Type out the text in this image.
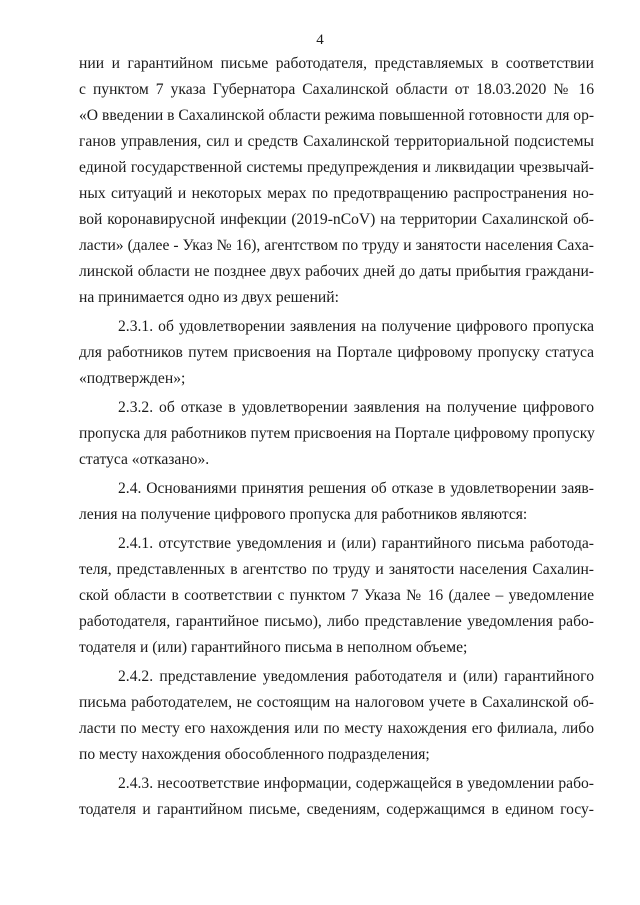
4
нии и гарантийном письме работодателя, представляемых в соответствии
с пунктом 7 указа Губернатора Сахалинской области от 18.03.2020 № 16
«О введении в Сахалинской области режима повышенной готовности для ор-
ганов управления, сил и средств Сахалинской территориальной подсистемы
единой государственной системы предупреждения и ликвидации чрезвычай-
ных ситуаций и некоторых мерах по предотвращению распространения но-
вой коронавирусной инфекции (2019-nCoV) на территории Сахалинской об-
ласти» (далее - Указ № 16), агентством по труду и занятости населения Саха-
линской области не позднее двух рабочих дней до даты прибытия граждани-
на принимается одно из двух решений:
2.3.1. об удовлетворении заявления на получение цифрового пропуска
для работников путем присвоения на Портале цифровому пропуску статуса
«подтвержден»;
2.3.2. об отказе в удовлетворении заявления на получение цифрового
пропуска для работников путем присвоения на Портале цифровому пропуску
статуса «отказано».
2.4. Основаниями принятия решения об отказе в удовлетворении заяв-
ления на получение цифрового пропуска для работников являются:
2.4.1. отсутствие уведомления и (или) гарантийного письма работода-
теля, представленных в агентство по труду и занятости населения Сахалин-
ской области в соответствии с пунктом 7 Указа № 16 (далее – уведомление
работодателя, гарантийное письмо), либо представление уведомления рабо-
тодателя и (или) гарантийного письма в неполном объеме;
2.4.2. представление уведомления работодателя и (или) гарантийного
письма работодателем, не состоящим на налоговом учете в Сахалинской об-
ласти по месту его нахождения или по месту нахождения его филиала, либо
по месту нахождения обособленного подразделения;
2.4.3. несоответствие информации, содержащейся в уведомлении рабо-
тодателя и гарантийном письме, сведениям, содержащимся в едином госу-
